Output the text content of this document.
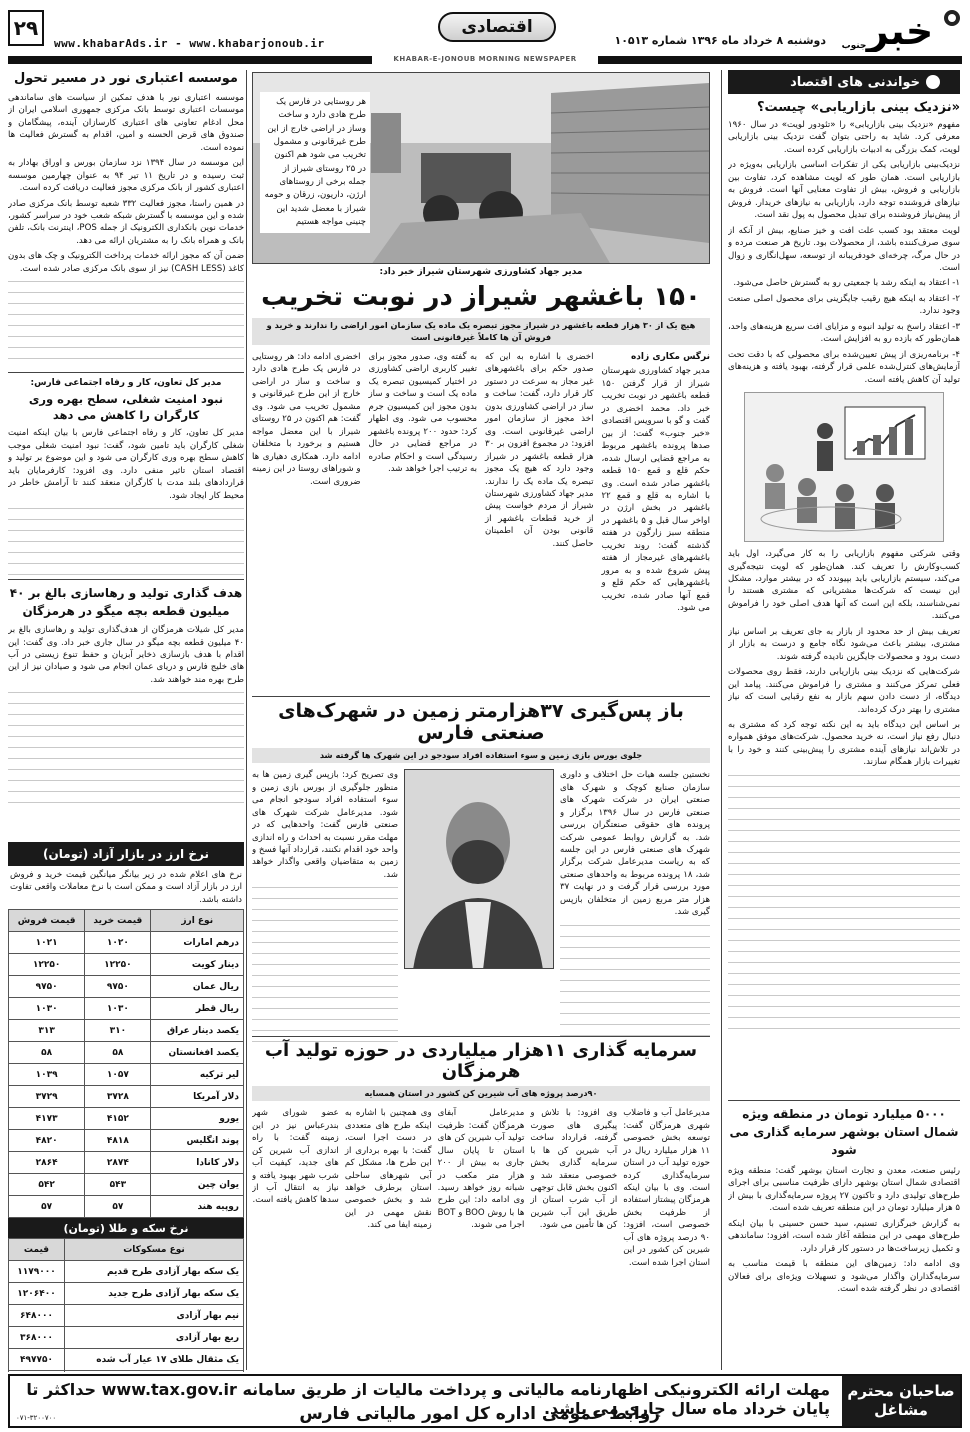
۲۹
www.khabarAds.ir - www.khabarjonoub.ir
اقتصادی
دوشنبه ۸ خرداد ماه ۱۳۹۶ شماره ۱۰۵۱۳ خبر
جنوب
KHABAR-E-JONOUB MORNING NEWSPAPER
خواندنی های اقتصاد
«نزدیک بینی بازاریابی» چیست؟

مفهوم «نزدیک بینی بازاریابی» را «تئودور لویت» در سال ۱۹۶۰ معرفی کرد. شاید به راحتی بتوان گفت نزدیک بینی بازاریابی لویت، کمک بزرگی به ادبیات بازاریابی کرده است.

نزدیک‌بینی بازاریابی یکی از تفکرات اساسی بازاریابی به‌ویژه در بازاریابی است. همان طور که لویت مشاهده کرد، تفاوت بین بازاریابی و فروش، بیش از تفاوت معنایی آنها است. فروش به نیازهای فروشنده توجه دارد، بازاریابی به نیازهای خریدار. فروش از پیش‌نیاز فروشنده برای تبدیل محصول به پول نقد است.

لویت معتقد بود کسب علت افت و خیز صنایع، بیش از آنکه از سوی صرف‌کننده باشد، از محصولات بود. تاریخ هر صنعت مرده و در حال مرگ، چرخه‌ای خودفریبانه از توسعه، سهل‌انگاری و زوال است.

۱- اعتقاد به اینکه رشد با جمعیتی رو به گسترش حاصل می‌شود.

۲- اعتقاد به اینکه هیچ رقیب جایگزینی برای محصول اصلی صنعت وجود ندارد.

۳- اعتقاد راسخ به تولید انبوه و مزایای افت سریع هزینه‌های واحد، همان‌طور که بازده رو به افزایش است.

۴- برنامه‌ریزی از پیش تعیین‌شده برای محصولی که با دقت تحت آزمایش‌های کنترل‌شده علمی قرار گرفته، بهبود یافته و هزینه‌های تولید آن کاهش یافته است.

وقتی شرکتی مفهوم بازاریابی را به کار می‌گیرد، اول باید کسب‌وکارش را تعریف کند. همان‌طور که لویت نتیجه‌گیری می‌کند، سیستم بازاریابی باید بپیوندد که در بیشتر موارد، مشکل این نیست که شرکت‌ها مشتریانی که مشتری هستند را نمی‌شناسند، بلکه این است که آنها هدف اصلی خود را فراموش می‌کنند.

تعریف بیش از حد محدود از بازار به جای تعریف بر اساس نیاز مشتری، بیشتر باعث می‌شود نگاه جامع و درست به بازار از دست برود و محصولات جایگزین نادیده گرفته شوند.

شرکت‌هایی که نزدیک بینی بازاریابی دارند، فقط روی محصولات فعلی تمرکز می‌کنند و مشتری را فراموش می‌کنند. پیامد این دیدگاه، از دست دادن سهم بازار به نفع رقبایی است که نیاز مشتری را بهتر درک کرده‌اند.

بر اساس این دیدگاه باید به این نکته توجه کرد که مشتری به دنبال رفع نیاز است، نه خرید محصول. شرکت‌های موفق همواره در تلاش‌اند نیازهای آینده مشتری را پیش‌بینی کنند و خود را با تغییرات بازار همگام سازند.

۵۰۰۰ میلیارد تومان در منطقه ویژه شمال استان بوشهر سرمایه گذاری می شود

رئیس صنعت، معدن و تجارت استان بوشهر گفت: منطقه ویژه اقتصادی شمال استان بوشهر دارای ظرفیت مناسبی برای اجرای طرح‌های تولیدی دارد و تاکنون ۲۷ پروژه سرمایه‌گذاری با بیش از ۵ هزار میلیارد تومان در این منطقه تعریف شده است.

به گزارش خبرگزاری تسنیم، سید حسن حسینی با بیان اینکه طرح‌های مهمی در این منطقه آغاز شده است، افزود: ساماندهی و تکمیل زیرساخت‌ها در دستور کار قرار دارد.

وی ادامه داد: زمین‌های این منطقه با قیمت مناسب به سرمایه‌گذاران واگذار می‌شود و تسهیلات ویژه‌ای برای فعالان اقتصادی در نظر گرفته شده است.

هر روستایی در فارس یک طرح هادی دارد و ساخت وساز در اراضی خارج از این طرح غیرقانونی و مشمول تخریب می شود هم اکنون در ۲۵ روستای شیراز از جمله برخی از روستاهای ارژن، داریون، زرقان و حومه شیراز با معضل شدید این چنینی مواجه هستیم
مدیر جهاد کشاورزی شهرستان شیراز خبر داد:
۱۵۰ باغشهر شیراز در نوبت تخریب
هیچ یک از ۳۰ هزار قطعه باغشهر در شیراز مجوز تبصره یک ماده یک سازمان امور اراضی را ندارند و خرید و فروش آن ها کاملاً غیرقانونی است
نرگس مکاری زاده

مدیر جهاد کشاورزی شهرستان شیراز از قرار گرفتن ۱۵۰ قطعه باغشهر در نوبت تخریب خبر داد. محمد اخضری در گفت و گو با سرویس اقتصادی «خبر جنوب» گفت: از بین صدها پرونده باغشهر مربوط به مراجع قضایی ارسال شده، حکم قلع و قمع ۱۵۰ قطعه باغشهر صادر شده است. وی با اشاره به قلع و قمع ۲۲ باغشهر در بخش ارژن در اواخر سال قبل و ۵ باغشهر در منطقه سبز زارگون در هفته گذشته گفت: روند تخریب باغشهرهای غیرمجاز از هفته پیش شروع شده و به مرور باغشهرهایی که حکم قلع و قمع آنها صادر شده، تخریب می شود.

اخضری با اشاره به این که صدور حکم برای باغشهرهای غیر مجاز به سرعت در دستور کار قرار دارد، گفت: ساخت و ساز در اراضی کشاورزی بدون اخذ مجوز از سازمان امور اراضی غیرقانونی است. وی افزود: در مجموع افزون بر ۳۰ هزار قطعه باغشهر در شیراز وجود دارد که هیچ یک مجوز تبصره یک ماده یک را ندارند. مدیر جهاد کشاورزی شهرستان شیراز از مردم خواست پیش از خرید قطعات باغشهر از قانونی بودن آن اطمینان حاصل کنند.

به گفته وی، صدور مجوز برای تغییر کاربری اراضی کشاورزی در اختیار کمیسیون تبصره یک ماده یک است و ساخت و ساز بدون مجوز این کمیسیون جرم محسوب می شود. وی اظهار کرد: حدود ۲۰۰ پرونده باغشهر در مراجع قضایی در حال رسیدگی است و احکام صادره به ترتیب اجرا خواهد شد.

اخضری ادامه داد: هر روستایی در فارس یک طرح هادی دارد و ساخت و ساز در اراضی خارج از این طرح غیرقانونی و مشمول تخریب می شود. وی گفت: هم اکنون در ۲۵ روستای شیراز با این معضل مواجه هستیم و برخورد با متخلفان ادامه دارد. همکاری دهیاری ها و شوراهای روستا در این زمینه ضروری است.

باز پس‌گیری ۳۷هزارمتر زمین در شهرک‌های صنعتی فارس
جلوی بورس بازی زمین و سوء استفاده افراد سودجو در این شهرک ها گرفته شد

نخستین جلسه هیات حل اختلاف و داوری سازمان صنایع کوچک و شهرک های صنعتی ایران در شرکت شهرک های صنعتی فارس در سال ۱۳۹۶ برگزار و پرونده های حقوقی صنعتگران بررسی شد. به گزارش روابط عمومی شرکت شهرک های صنعتی فارس در این جلسه که به ریاست مدیرعامل شرکت برگزار شد، ۱۸ پرونده مربوط به واحدهای صنعتی مورد بررسی قرار گرفت و در نهایت ۳۷ هزار متر مربع زمین از متخلفان بازپس گیری شد.

وی تصریح کرد: بازپس گیری زمین ها به منظور جلوگیری از بورس بازی زمین و سوء استفاده افراد سودجو انجام می شود. مدیرعامل شرکت شهرک های صنعتی فارس گفت: واحدهایی که در مهلت مقرر نسبت به احداث و راه اندازی واحد خود اقدام نکنند، قرارداد آنها فسخ و زمین به متقاضیان واقعی واگذار خواهد شد.

سرمایه گذاری ۱۱هزار میلیاردی در حوزه تولید آب هرمزگان
۹۰درصد پروژه های آب شیرین کن کشور در استان همسایه

مدیرعامل آب و فاضلاب شهری هرمزگان گفت: توسعه بخش خصوصی ۱۱ هزار میلیارد ریال در حوزه تولید آب در استان سرمایه‌گذاری کرده است. وی با بیان اینکه هرمزگان پیشتاز استفاده از ظرفیت بخش خصوصی است، افزود: ۹۰ درصد پروژه های آب شیرین کن کشور در این استان اجرا شده است.

وی افزود: با تلاش و پیگیری های صورت گرفته، قرارداد ساخت آب شیرین کن ها با سرمایه گذاری بخش خصوصی منعقد شد و اکنون بخش قابل توجهی از آب شرب استان از طریق این آب شیرین کن ها تأمین می شود.

مدیرعامل آبفای هرمزگان گفت: ظرفیت تولید آب شیرین کن های استان تا پایان سال جاری به بیش از ۲۰۰ هزار متر مکعب در شبانه روز خواهد رسید. وی ادامه داد: این طرح ها با روش BOO و BOT اجرا می شوند.

وی همچنین با اشاره به اینکه طرح های متعددی در دست اجرا است، گفت: با بهره برداری از این طرح ها، مشکل کم آبی شهرهای ساحلی استان برطرف خواهد شد و بخش خصوصی نقش مهمی در این زمینه ایفا می کند.

عضو شورای شهر بندرعباس نیز در این زمینه گفت: با راه اندازی آب شیرین کن های جدید، کیفیت آب شرب شهر بهبود یافته و نیاز به انتقال آب از سدها کاهش یافته است.

موسسه اعتباری نور در مسیر تحول

موسسه اعتباری نور با هدف تمکین از سیاست های ساماندهی موسسات اعتباری توسط بانک مرکزی جمهوری اسلامی ایران از محل ادغام تعاونی های اعتباری کارسازان آینده، پیشگامان و صندوق های قرض الحسنه و امین، اقدام به گسترش فعالیت ها نموده است.

این موسسه در سال ۱۳۹۴ نزد سازمان بورس و اوراق بهادار به ثبت رسیده و در تاریخ ۱۱ تیر ۹۴ به عنوان چهارمین موسسه اعتباری کشور از بانک مرکزی مجوز فعالیت دریافت کرده است.

در همین راستا، مجوز فعالیت ۳۳۲ شعبه توسط بانک مرکزی صادر شده و این موسسه با گسترش شبکه شعب خود در سراسر کشور، خدمات نوین بانکداری الکترونیک از جمله POS، اینترنت بانک، تلفن بانک و همراه بانک را به مشتریان ارائه می دهد.

ضمن آن که مجوز ارائه خدمات پرداخت الکترونیک و چک های بدون کاغذ (CASH LESS) نیز از سوی بانک مرکزی صادر شده است.

مدیر کل تعاون، کار و رفاه اجتماعی فارس:
نبود امنیت شغلی، سطح بهره وری کارگران را کاهش می دهد

مدیر کل تعاون، کار و رفاه اجتماعی فارس با بیان اینکه امنیت شغلی کارگران باید تامین شود، گفت: نبود امنیت شغلی موجب کاهش سطح بهره وری کارگران می شود و این موضوع بر تولید و اقتصاد استان تاثیر منفی دارد. وی افزود: کارفرمایان باید قراردادهای بلند مدت با کارگران منعقد کنند تا آرامش خاطر در محیط کار ایجاد شود.

هدف گذاری تولید و رهاسازی بالغ بر ۴۰ میلیون قطعه بچه میگو در هرمزگان

مدیر کل شیلات هرمزگان از هدف‌گذاری تولید و رهاسازی بالغ بر ۴۰ میلیون قطعه بچه میگو در سال جاری خبر داد. وی گفت: این اقدام با هدف بازسازی ذخایر آبزیان و حفظ تنوع زیستی در آب های خلیج فارس و دریای عمان انجام می شود و صیادان نیز از این طرح بهره مند خواهند شد.

نرخ ارز در بازار آزاد (تومان)

نرخ های اعلام شده در زیر بیانگر میانگین قیمت خرید و فروش ارز در بازار آزاد است و ممکن است با نرخ معاملات واقعی تفاوت داشته باشد.

نوع ارز	قیمت خرید	قیمت فروش
درهم امارات	۱۰۲۰	۱۰۲۱
دینار کویت	۱۲۲۵۰	۱۲۲۵۰
ریال عمان	۹۷۵۰	۹۷۵۰
ریال قطر	۱۰۳۰	۱۰۳۰
یکصد دینار عراق	۳۱۰	۳۱۳
یکصد افغانستان	۵۸	۵۸
لیر ترکیه	۱۰۵۷	۱۰۳۹
دلار آمریکا	۳۷۲۸	۳۷۲۹
یورو	۴۱۵۲	۴۱۷۳
پوند انگلیس	۴۸۱۸	۴۸۲۰
دلار کانادا	۲۸۷۴	۲۸۶۴
یوان چین	۵۴۳	۵۴۲
روپیه هند	۵۷	۵۷
نرخ سکه و طلا (تومان)
نوع مسکوکات	قیمت
یک سکه بهار آزادی طرح قدیم	۱۱۷۹۰۰۰
یک سکه بهار آزادی طرح جدید	۱۲۰۶۴۰۰
نیم بهار آزادی	۶۴۸۰۰۰
ربع بهار آزادی	۳۶۸۰۰۰
یک مثقال طلای ۱۷ عیار آب شده	۴۹۷۷۵۰

صاحبان محترم
مشاغل
مهلت ارائه الکترونیکی اظهارنامه مالیاتی و پرداخت مالیات از طریق سامانه www.tax.gov.ir حداکثر تا پایان خرداد ماه سال جاری می باشد.
روابط عمومی اداره کل امور مالیاتی فارس
۰۷۱-۳۲۰۰۷۰۰
